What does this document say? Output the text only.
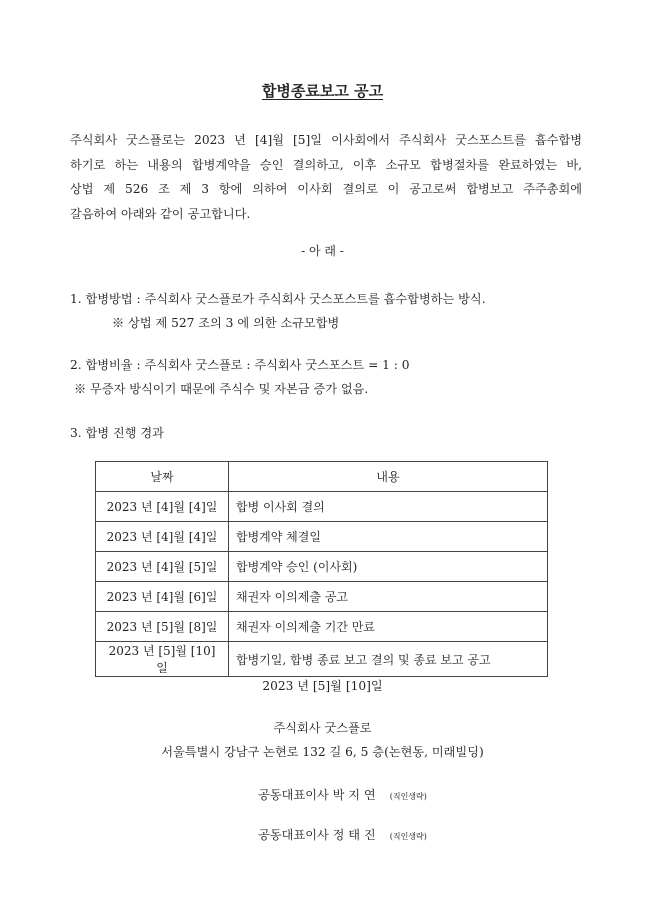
합병종료보고 공고
주식회사 굿스플로는 2023 년 [4]월 [5]일 이사회에서 주식회사 굿스포스트를 흡수합병
하기로 하는 내용의 합병계약을 승인 결의하고, 이후 소규모 합병절차를 완료하였는 바,
상법 제 526 조 제 3 항에 의하여 이사회 결의로 이 공고로써 합병보고 주주총회에
갈음하여 아래와 같이 공고합니다.
- 아 래 -
1. 합병방법 : 주식회사 굿스플로가 주식회사 굿스포스트를 흡수합병하는 방식.
※ 상법 제 527 조의 3 에 의한 소규모합병
2. 합병비율 : 주식회사 굿스플로 : 주식회사 굿스포스트 = 1 : 0
※ 무증자 방식이기 때문에 주식수 및 자본금 증가 없음.
3. 합병 진행 경과
날짜	내용
2023 년 [4]월 [4]일	합병 이사회 결의
2023 년 [4]월 [4]일	합병계약 체결일
2023 년 [4]월 [5]일	합병계약 승인 (이사회)
2023 년 [4]월 [6]일	채권자 이의제출 공고
2023 년 [5]월 [8]일	채권자 이의제출 기간 만료
2023 년 [5]월 [10]일	합병기일, 합병 종료 보고 결의 및 종료 보고 공고
2023 년 [5]월 [10]일
주식회사 굿스플로
서울특별시 강남구 논현로 132 길 6, 5 층(논현동, 미래빌딩)
공동대표이사 박 지 연 (직인생략)
공동대표이사 정 태 진 (직인생략)
